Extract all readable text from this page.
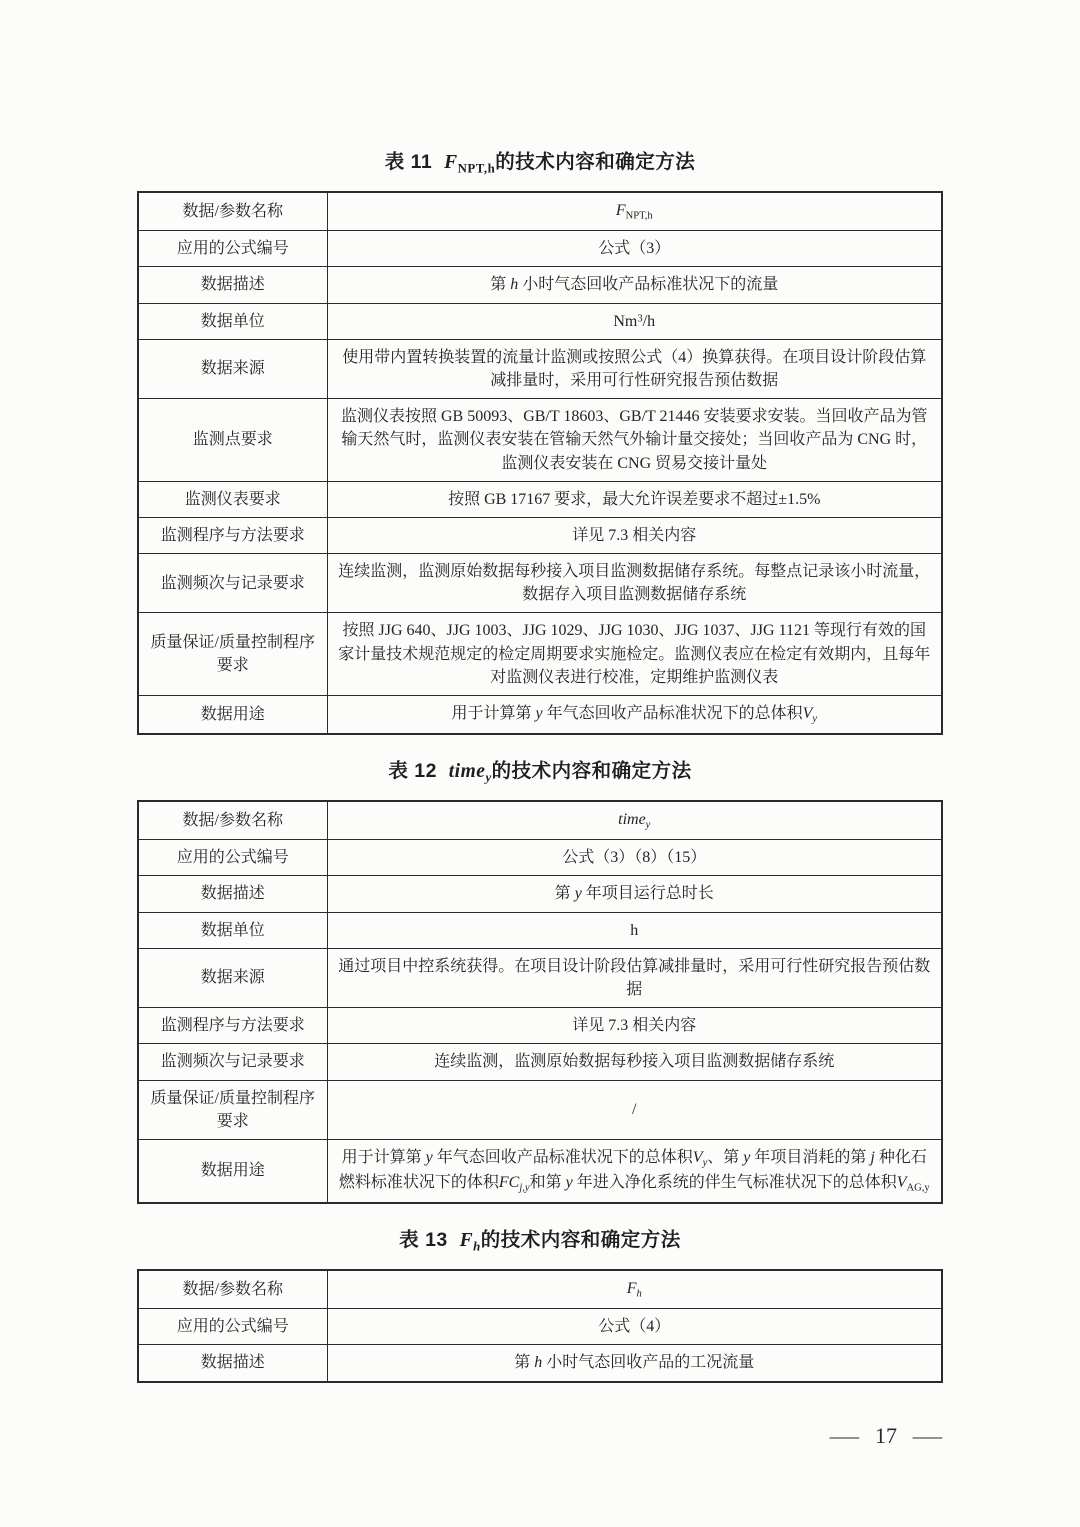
表 11  $F_{NPT,h}$的技术内容和确定方法
数据/参数名称	$F_{NPT,h}$
应用的公式编号	公式（3）
数据描述	第 h 小时气态回收产品标准状况下的流量
数据单位	Nm$^3$/h
数据来源	使用带内置转换装置的流量计监测或按照公式（4）换算获得。在项目设计阶段估算减排量时，采用可行性研究报告预估数据
监测点要求	监测仪表按照 GB 50093、GB/T 18603、GB/T 21446 安装要求安装。当回收产品为管输天然气时，监测仪表安装在管输天然气外输计量交接处；当回收产品为 CNG 时，监测仪表安装在 CNG 贸易交接计量处
监测仪表要求	按照 GB 17167 要求，最大允许误差要求不超过±1.5%
监测程序与方法要求	详见 7.3 相关内容
监测频次与记录要求	连续监测，监测原始数据每秒接入项目监测数据储存系统。每整点记录该小时流量，数据存入项目监测数据储存系统
质量保证/质量控制程序要求	按照 JJG 640、JJG 1003、JJG 1029、JJG 1030、JJG 1037、JJG 1121 等现行有效的国家计量技术规范规定的检定周期要求实施检定。监测仪表应在检定有效期内，且每年对监测仪表进行校准，定期维护监测仪表
数据用途	用于计算第 y 年气态回收产品标准状况下的总体积$V_y$
表 12  time$_y$的技术内容和确定方法
数据/参数名称	time$_y$
应用的公式编号	公式（3）（8）（15）
数据描述	第 y 年项目运行总时长
数据单位	h
数据来源	通过项目中控系统获得。在项目设计阶段估算减排量时，采用可行性研究报告预估数据
监测程序与方法要求	详见 7.3 相关内容
监测频次与记录要求	连续监测，监测原始数据每秒接入项目监测数据储存系统
质量保证/质量控制程序要求	/
数据用途	用于计算第 y 年气态回收产品标准状况下的总体积$V_y$、第 y 年项目消耗的第 j 种化石燃料标准状况下的体积$FC_{j,y}$和第 y 年进入净化系统的伴生气标准状况下的总体积$V_{AG,y}$
表 13  $F_h$的技术内容和确定方法
数据/参数名称	$F_h$
应用的公式编号	公式（4）
数据描述	第 h 小时气态回收产品的工况流量
— 17 —
